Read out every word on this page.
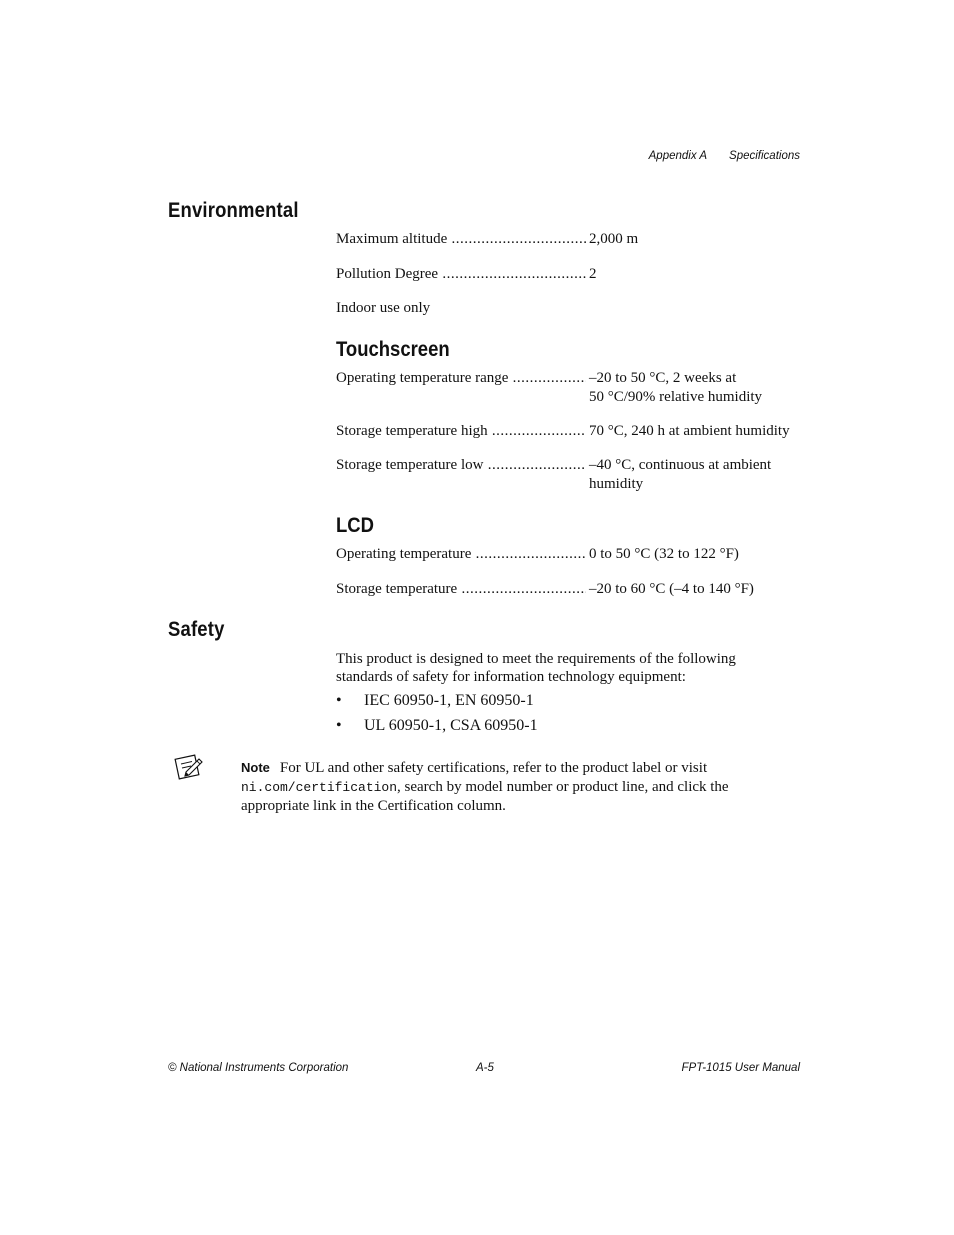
Appendix A Specifications
Environmental
Maximum altitude .....	2,000 m
Pollution Degree .....	2
Indoor use only
Touchscreen
Operating temperature range .....	–20 to 50 °C, 2 weeks at
50 °C/90% relative humidity
Storage temperature high .....	70 °C, 240 h at ambient humidity
Storage temperature low .....	–40 °C, continuous at ambient
humidity
LCD
Operating temperature .....	0 to 50 °C (32 to 122 °F)
Storage temperature .....	–20 to 60 °C (–4 to 140 °F)
Safety
This product is designed to meet the requirements of the following
standards of safety for information technology equipment:
• IEC 60950-1, EN 60950-1
• UL 60950-1, CSA 60950-1
Note For UL and other safety certifications, refer to the product label or visit
ni.com/certification, search by model number or product line, and click the
appropriate link in the Certification column.
© National Instruments Corporation	A-5	FPT-1015 User Manual
